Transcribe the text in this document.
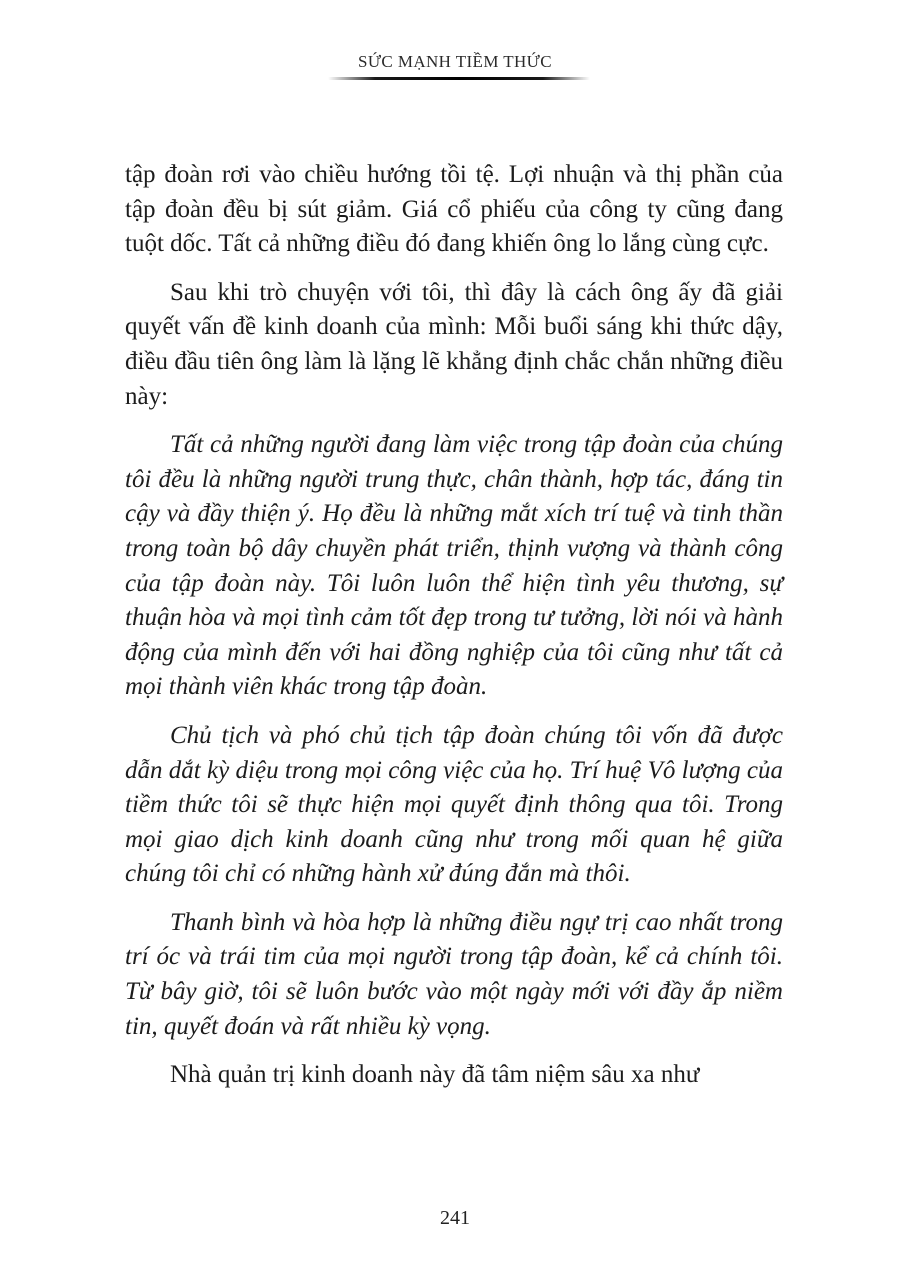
SỨC MẠNH TIỀM THỨC

tập đoàn rơi vào chiều hướng tồi tệ. Lợi nhuận và thị phần của tập đoàn đều bị sút giảm. Giá cổ phiếu của công ty cũng đang tuột dốc. Tất cả những điều đó đang khiến ông lo lắng cùng cực.

Sau khi trò chuyện với tôi, thì đây là cách ông ấy đã giải quyết vấn đề kinh doanh của mình: Mỗi buổi sáng khi thức dậy, điều đầu tiên ông làm là lặng lẽ khẳng định chắc chắn những điều này:

Tất cả những người đang làm việc trong tập đoàn của chúng tôi đều là những người trung thực, chân thành, hợp tác, đáng tin cậy và đầy thiện ý. Họ đều là những mắt xích trí tuệ và tinh thần trong toàn bộ dây chuyền phát triển, thịnh vượng và thành công của tập đoàn này. Tôi luôn luôn thể hiện tình yêu thương, sự thuận hòa và mọi tình cảm tốt đẹp trong tư tưởng, lời nói và hành động của mình đến với hai đồng nghiệp của tôi cũng như tất cả mọi thành viên khác trong tập đoàn.

Chủ tịch và phó chủ tịch tập đoàn chúng tôi vốn đã được dẫn dắt kỳ diệu trong mọi công việc của họ. Trí huệ Vô lượng của tiềm thức tôi sẽ thực hiện mọi quyết định thông qua tôi. Trong mọi giao dịch kinh doanh cũng như trong mối quan hệ giữa chúng tôi chỉ có những hành xử đúng đắn mà thôi.

Thanh bình và hòa hợp là những điều ngự trị cao nhất trong trí óc và trái tim của mọi người trong tập đoàn, kể cả chính tôi. Từ bây giờ, tôi sẽ luôn bước vào một ngày mới với đầy ắp niềm tin, quyết đoán và rất nhiều kỳ vọng.

Nhà quản trị kinh doanh này đã tâm niệm sâu xa như

241
